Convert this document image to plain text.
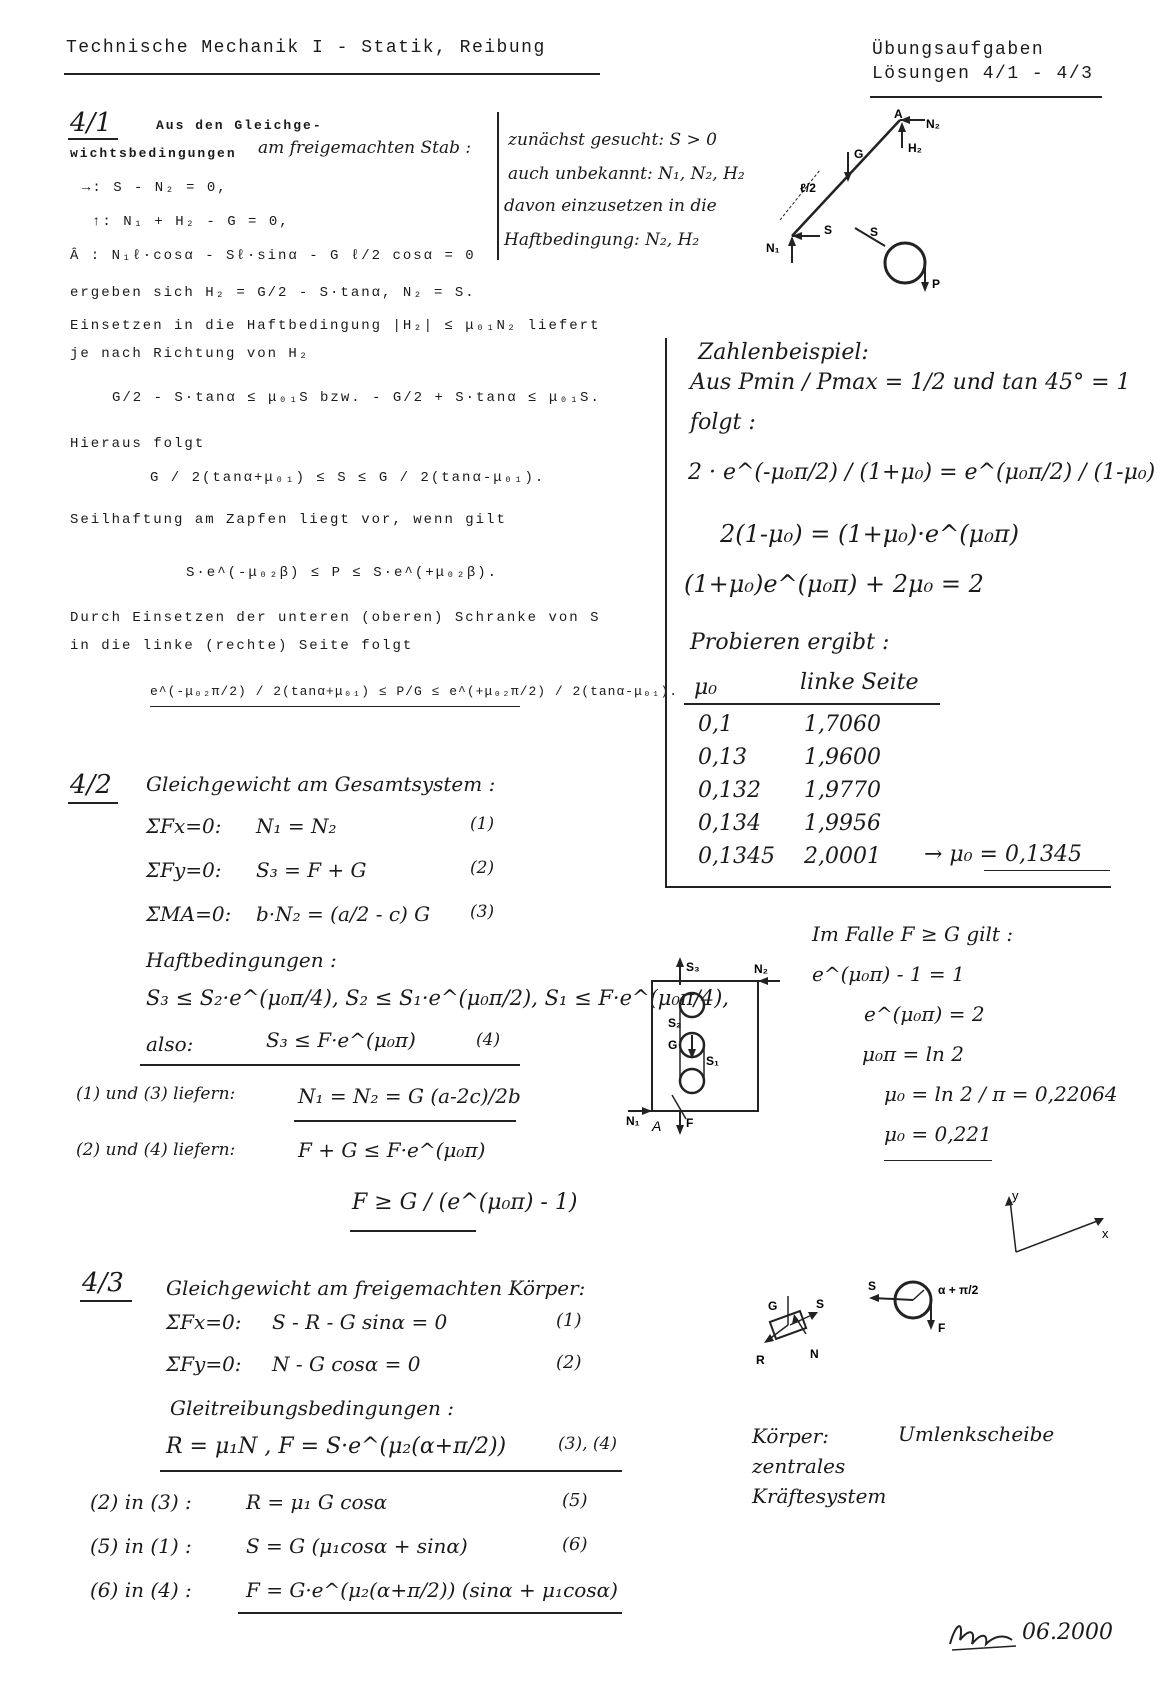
Technische Mechanik I - Statik, Reibung	Übungsaufgaben
Lösungen 4/1 - 4/3
4/1	Aus den Gleichge-
wichtsbedingungen am freigemachten Stab :
→: S - N₂ = 0,
↑: N₁ + H₂ - G = 0,
Â : N₁ℓ·cosα - Sℓ·sinα - G ℓ/2 cosα = 0
ergeben sich H₂ = G/2 - S·tanα, N₂ = S.
Einsetzen in die Haftbedingung |H₂| ≤ μ₀₁N₂ liefert
je nach Richtung von H₂
G/2 - S·tanα ≤ μ₀₁S bzw. - G/2 + S·tanα ≤ μ₀₁S.
Hieraus folgt
G / 2(tanα+μ₀₁) ≤ S ≤ G / 2(tanα-μ₀₁).
Seilhaftung am Zapfen liegt vor, wenn gilt
S·e^(-μ₀₂β) ≤ P ≤ S·e^(+μ₀₂β).
Durch Einsetzen der unteren (oberen) Schranke von S
in die linke (rechte) Seite folgt
e^(-μ₀₂π/2) / 2(tanα+μ₀₁) ≤ P/G ≤ e^(+μ₀₂π/2) / 2(tanα-μ₀₁).
zunächst gesucht: S > 0
auch unbekannt: N₁, N₂, H₂
davon einzusetzen in die
Haftbedingung: N₂, H₂
A
N₂
H₂
G
ℓ/2
S
N₁
S
P
Zahlenbeispiel:
Aus Pmin / Pmax = 1/2 und tan 45° = 1
folgt :
2 · e^(-μ₀π/2) / (1+μ₀) = e^(μ₀π/2) / (1-μ₀)
2(1-μ₀) = (1+μ₀)·e^(μ₀π)
(1+μ₀)e^(μ₀π) + 2μ₀ = 2
Probieren ergibt :
μ₀	linke Seite
0,1	1,7060
0,13	1,9600
0,132 1,9770
0,134 1,9956
0,1345 2,0001 → μ₀ = 0,1345
4/2 Gleichgewicht am Gesamtsystem :
ΣFx=0: N₁ = N₂	(1)
ΣFy=0: S₃ = F + G	(2)
ΣMA=0: b·N₂ = (a/2 - c) G (3)
Haftbedingungen :
S₃ ≤ S₂·e^(μ₀π/4), S₂ ≤ S₁·e^(μ₀π/2), S₁ ≤ F·e^(μ₀π/4),
also:	S₃ ≤ F·e^(μ₀π)	(4)
(1) und (3) liefern:	N₁ = N₂ = G (a-2c)/2b
(2) und (4) liefern:	F + G ≤ F·e^(μ₀π)
F ≥ G / (e^(μ₀π) - 1)
S₃	N₂
S₂
G
S₁
N₁ A F
Im Falle F ≥ G gilt :
e^(μ₀π) - 1 = 1
e^(μ₀π) = 2
μ₀π = ln 2
μ₀ = ln 2 / π = 0,22064
μ₀ = 0,221
4/3 Gleichgewicht am freigemachten Körper:
ΣFx=0: S - R - G sinα = 0	(1)
ΣFy=0: N - G cosα = 0	(2)
Gleitreibungsbedingungen :
R = μ₁N , F = S·e^(μ₂(α+π/2))	(3), (4)
(2) in (3) :	R = μ₁ G cosα	(5)
(5) in (1) :	S = G (μ₁cosα + sinα)	(6)
(6) in (4) :	F = G·e^(μ₂(α+π/2)) (sinα + μ₁cosα)
y
x
S	α + π/2
F
G	S
R	N
Körper:
zentrales
Kräftesystem
Umlenkscheibe
06.2000
